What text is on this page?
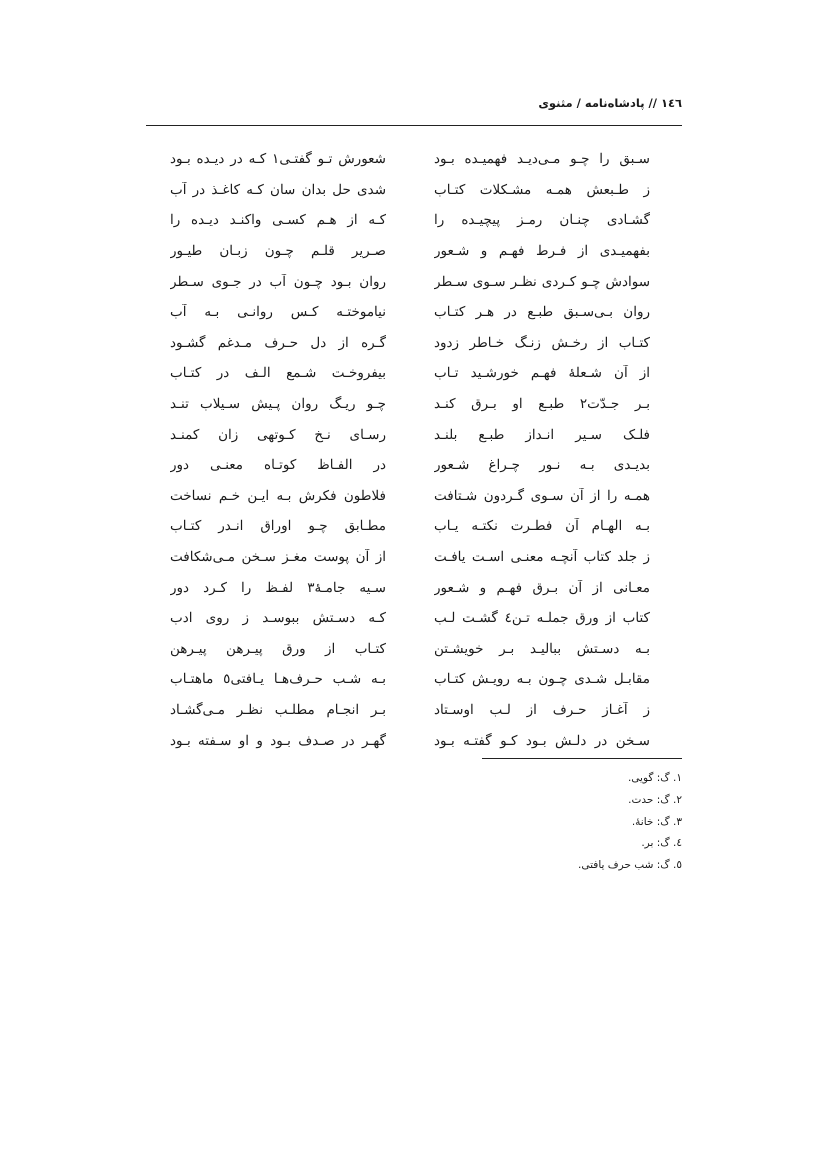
١٤٦ // پادشاه‌نامه / مثنوی
سـبق را چـو مـی‌دیـد فهمیـده بـود
شعورش تـو گفتـی١ کـه در دیـده بـود
ز طـبعش همـه مشـکلات کتـاب
شدی حل بدان سان کـه کاغـذ در آب
گشـادی چنـان رمـز پیچیـده را
کـه از هـم کسـی واکنـد دیـده را
بفهمیـدی از فـرط فهـم و شـعور
صـریر قلـم چـون زبـان طیـور
سوادش چـو کـردی نظـر سـوی سـطر
روان بـود چـون آب در جـوی سـطر
روان بـی‌سـبق طبـع در هـر کتـاب
نیاموختـه کـس روانـی بـه آب
کتـاب از رخـش زنـگ خـاطر زدود
گـره از دل حـرف مـدغم گشـود
از آن شـعلهٔ فهـم خورشـید تـاب
بیفروخـت شـمع الـف در کتـاب
بـر جـدّت٢ طبـع او بـرق کنـد
چـو ریـگ روان پـیش سـیلاب تنـد
فلـک سـیر انـداز طبـع بلنـد
رسـای نـخ کـوتهی زان کمنـد
بدیـدی بـه نـور چـراغ شـعور
در الفـاظ کوتـاه معنـی دور
همـه را از آن سـوی گـردون شـتافت
فلاطون فکرش بـه ایـن خـم نساخت
بـه الهـام آن فطـرت نکتـه یـاب
مطـابق چـو اوراق انـدر کتـاب
ز جلد کتاب آنچـه معنـی اسـت یافـت
از آن پوست مغـز سـخن مـی‌شکافت
معـانی از آن بـرق فهـم و شـعور
سـیه جامـهٔ٣ لفـظ را کـرد دور
کتاب از ورق جملـه تـن٤ گشـت لـب
کـه دسـتش ببوسـد ز روی ادب
بـه دسـتش ببالیـد بـر خویشـتن
کتـاب از ورق پیـرهن پیـرهن
مقابـل شـدی چـون بـه رویـش کتـاب
بـه شـب حـرف‌هـا یـافتی٥ ماهتـاب
ز آغـاز حـرف از لـب اوسـتاد
بـر انجـام مطلـب نظـر مـی‌گشـاد
سـخن در دلـش بـود کـو گفتـه بـود
گهـر در صـدف بـود و او سـفته بـود

١. گ: گویی.

٢. گ: حدت.

٣. گ: خانهٔ.

٤. گ: بر.

٥. گ: شب حرف یافتی.
